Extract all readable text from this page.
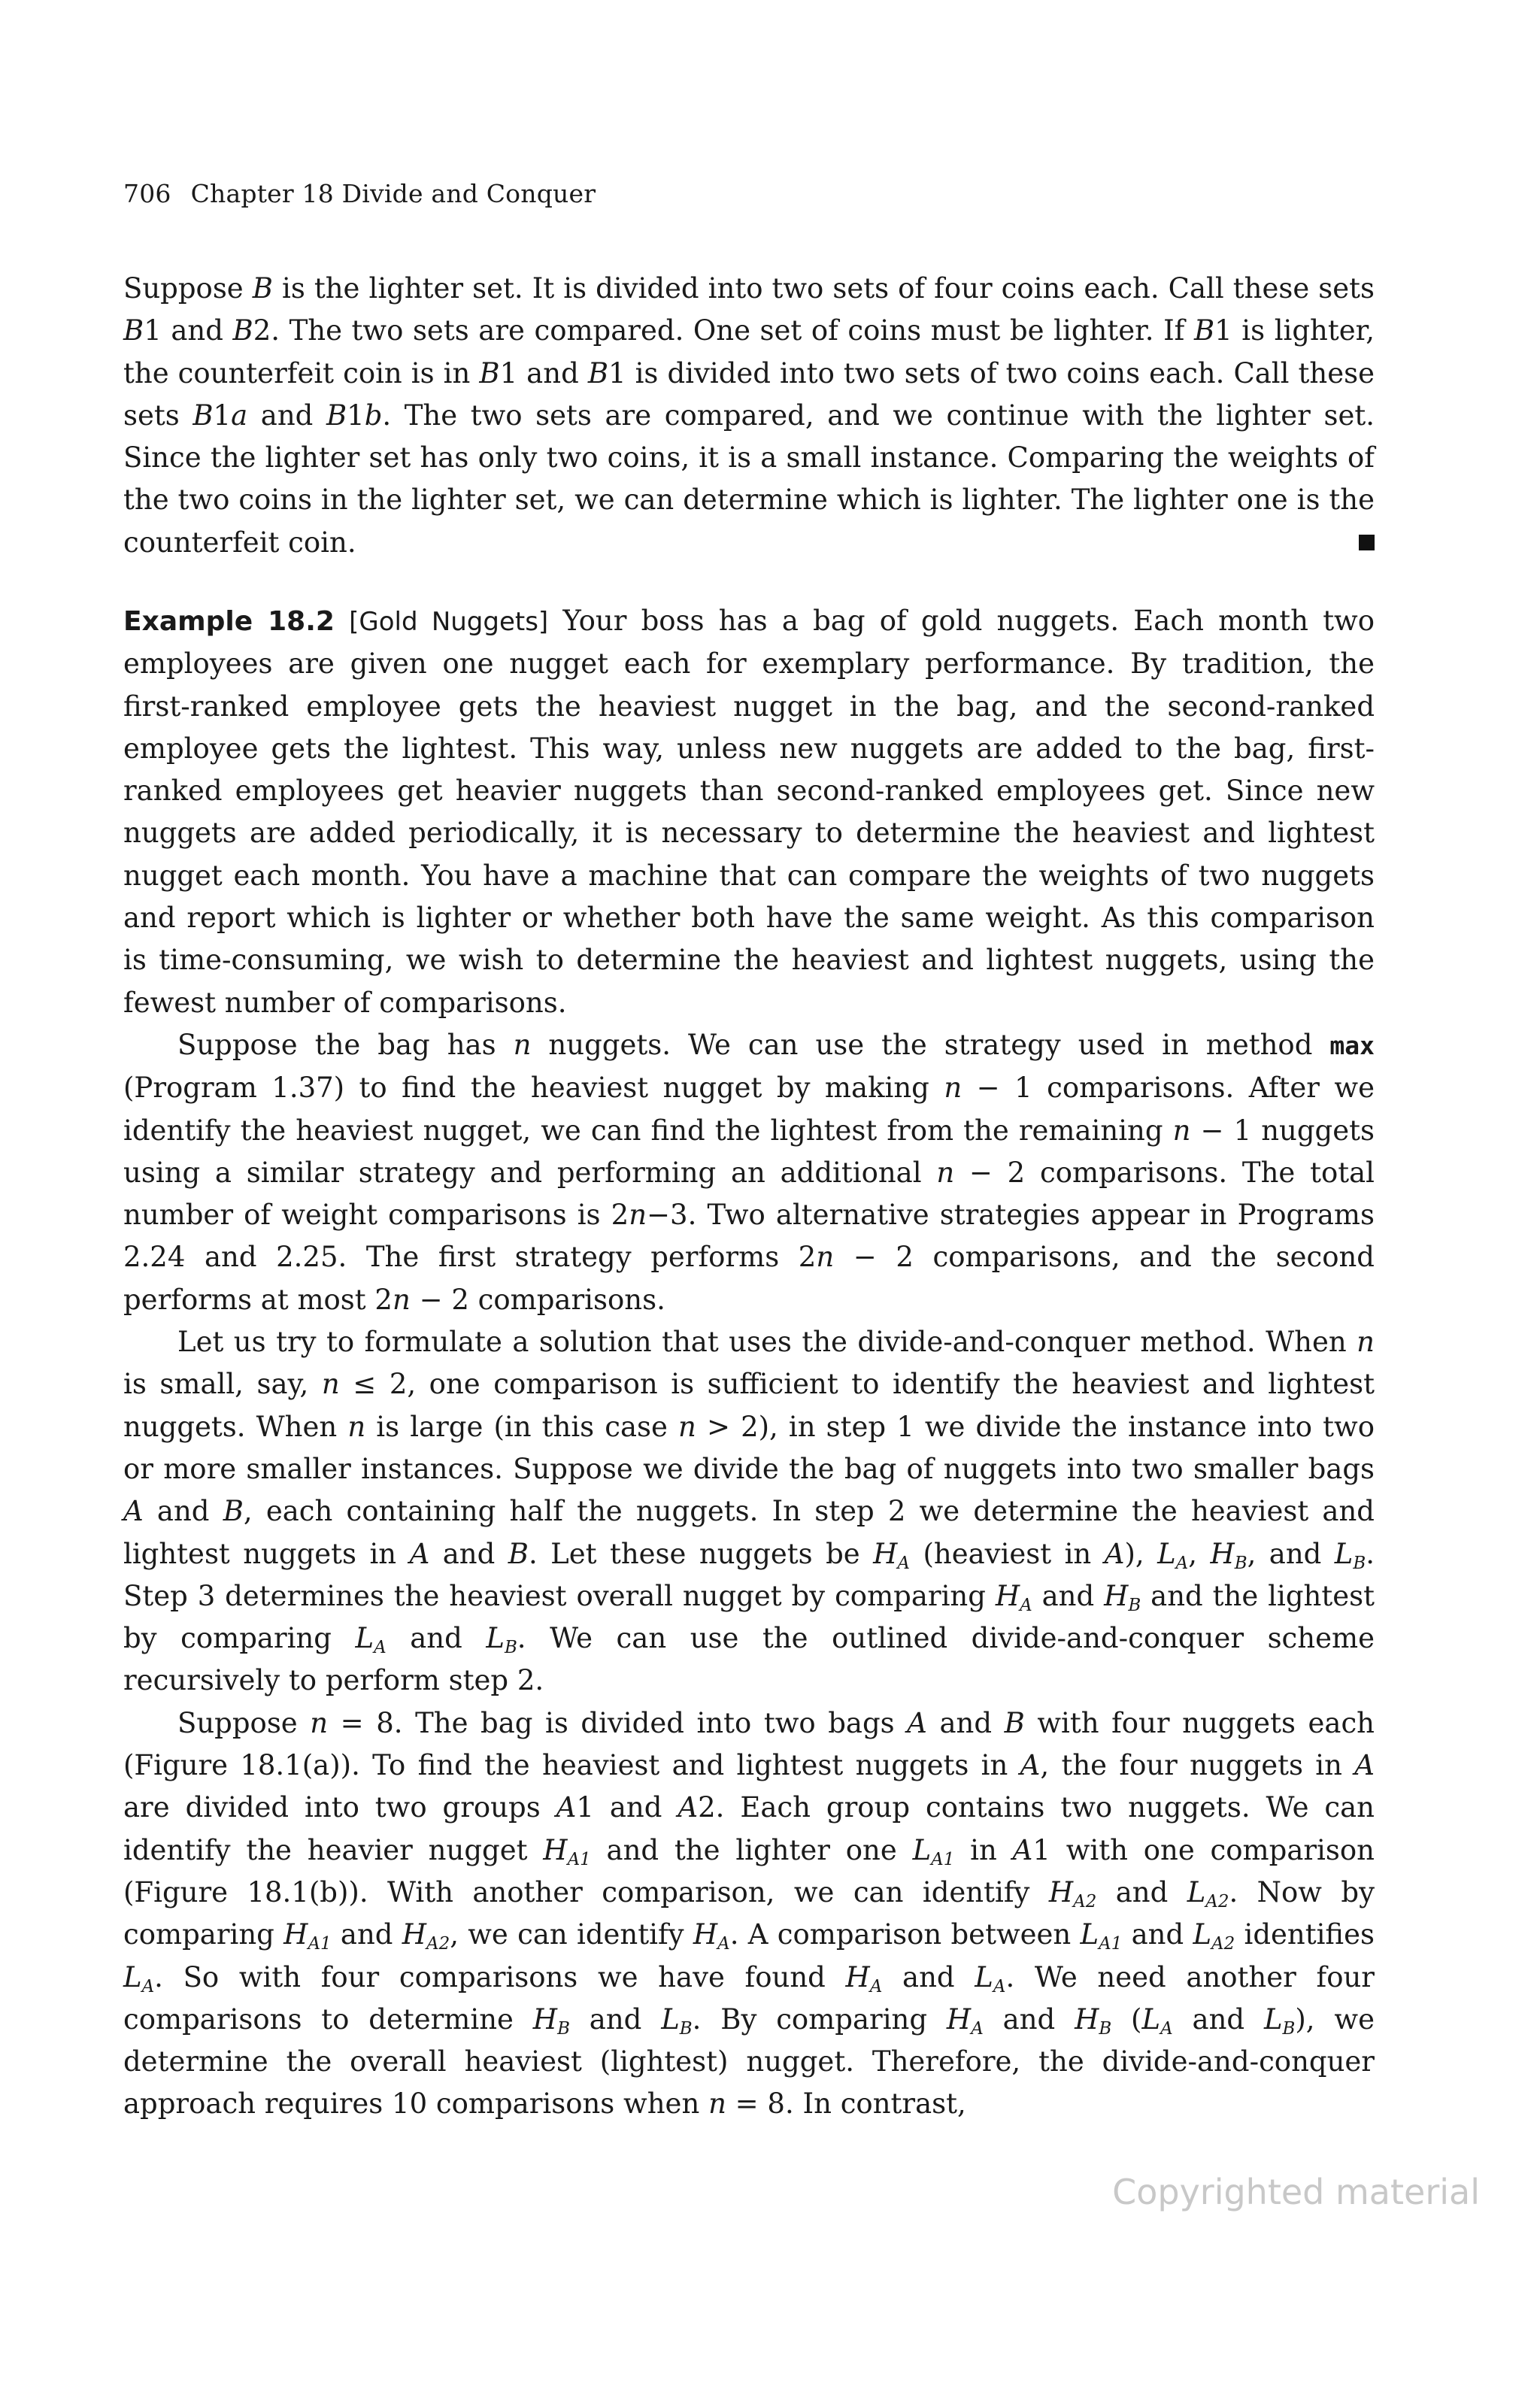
706 Chapter 18 Divide and Conquer

Suppose B is the lighter set. It is divided into two sets of four coins each. Call these sets B1 and B2. The two sets are compared. One set of coins must be lighter. If B1 is lighter, the counterfeit coin is in B1 and B1 is divided into two sets of two coins each. Call these sets B1a and B1b. The two sets are compared, and we continue with the lighter set. Since the lighter set has only two coins, it is a small instance. Comparing the weights of the two coins in the lighter set, we can determine which is lighter. The lighter one is the counterfeit coin.

Example 18.2 [Gold Nuggets] Your boss has a bag of gold nuggets. Each month two employees are given one nugget each for exemplary performance. By tradition, the first-ranked employee gets the heaviest nugget in the bag, and the second-ranked employee gets the lightest. This way, unless new nuggets are added to the bag, first-ranked employees get heavier nuggets than second-ranked employees get. Since new nuggets are added periodically, it is necessary to determine the heaviest and lightest nugget each month. You have a machine that can compare the weights of two nuggets and report which is lighter or whether both have the same weight. As this comparison is time-consuming, we wish to determine the heaviest and lightest nuggets, using the fewest number of comparisons.

Suppose the bag has n nuggets. We can use the strategy used in method max (Program 1.37) to find the heaviest nugget by making n − 1 comparisons. After we identify the heaviest nugget, we can find the lightest from the remaining n − 1 nuggets using a similar strategy and performing an additional n − 2 comparisons. The total number of weight comparisons is 2n−3. Two alternative strategies appear in Programs 2.24 and 2.25. The first strategy performs 2n − 2 comparisons, and the second performs at most 2n − 2 comparisons.

Let us try to formulate a solution that uses the divide-and-conquer method. When n is small, say, n ≤ 2, one comparison is sufficient to identify the heaviest and lightest nuggets. When n is large (in this case n > 2), in step 1 we divide the instance into two or more smaller instances. Suppose we divide the bag of nuggets into two smaller bags A and B, each containing half the nuggets. In step 2 we determine the heaviest and lightest nuggets in A and B. Let these nuggets be $H_A$ (heaviest in A), $L_A$, $H_B$, and $L_B$. Step 3 determines the heaviest overall nugget by comparing $H_A$ and $H_B$ and the lightest by comparing $L_A$ and $L_B$. We can use the outlined divide-and-conquer scheme recursively to perform step 2.

Suppose n = 8. The bag is divided into two bags A and B with four nuggets each (Figure 18.1(a)). To find the heaviest and lightest nuggets in A, the four nuggets in A are divided into two groups A1 and A2. Each group contains two nuggets. We can identify the heavier nugget $H_{A1}$ and the lighter one $L_{A1}$ in A1 with one comparison (Figure 18.1(b)). With another comparison, we can identify $H_{A2}$ and $L_{A2}$. Now by comparing $H_{A1}$ and $H_{A2}$, we can identify $H_A$. A comparison between $L_{A1}$ and $L_{A2}$ identifies $L_A$. So with four comparisons we have found $H_A$ and $L_A$. We need another four comparisons to determine $H_B$ and $L_B$. By comparing $H_A$ and $H_B$ ($L_A$ and $L_B$), we determine the overall heaviest (lightest) nugget. Therefore, the divide-and-conquer approach requires 10 comparisons when n = 8. In contrast,

Copyrighted material
